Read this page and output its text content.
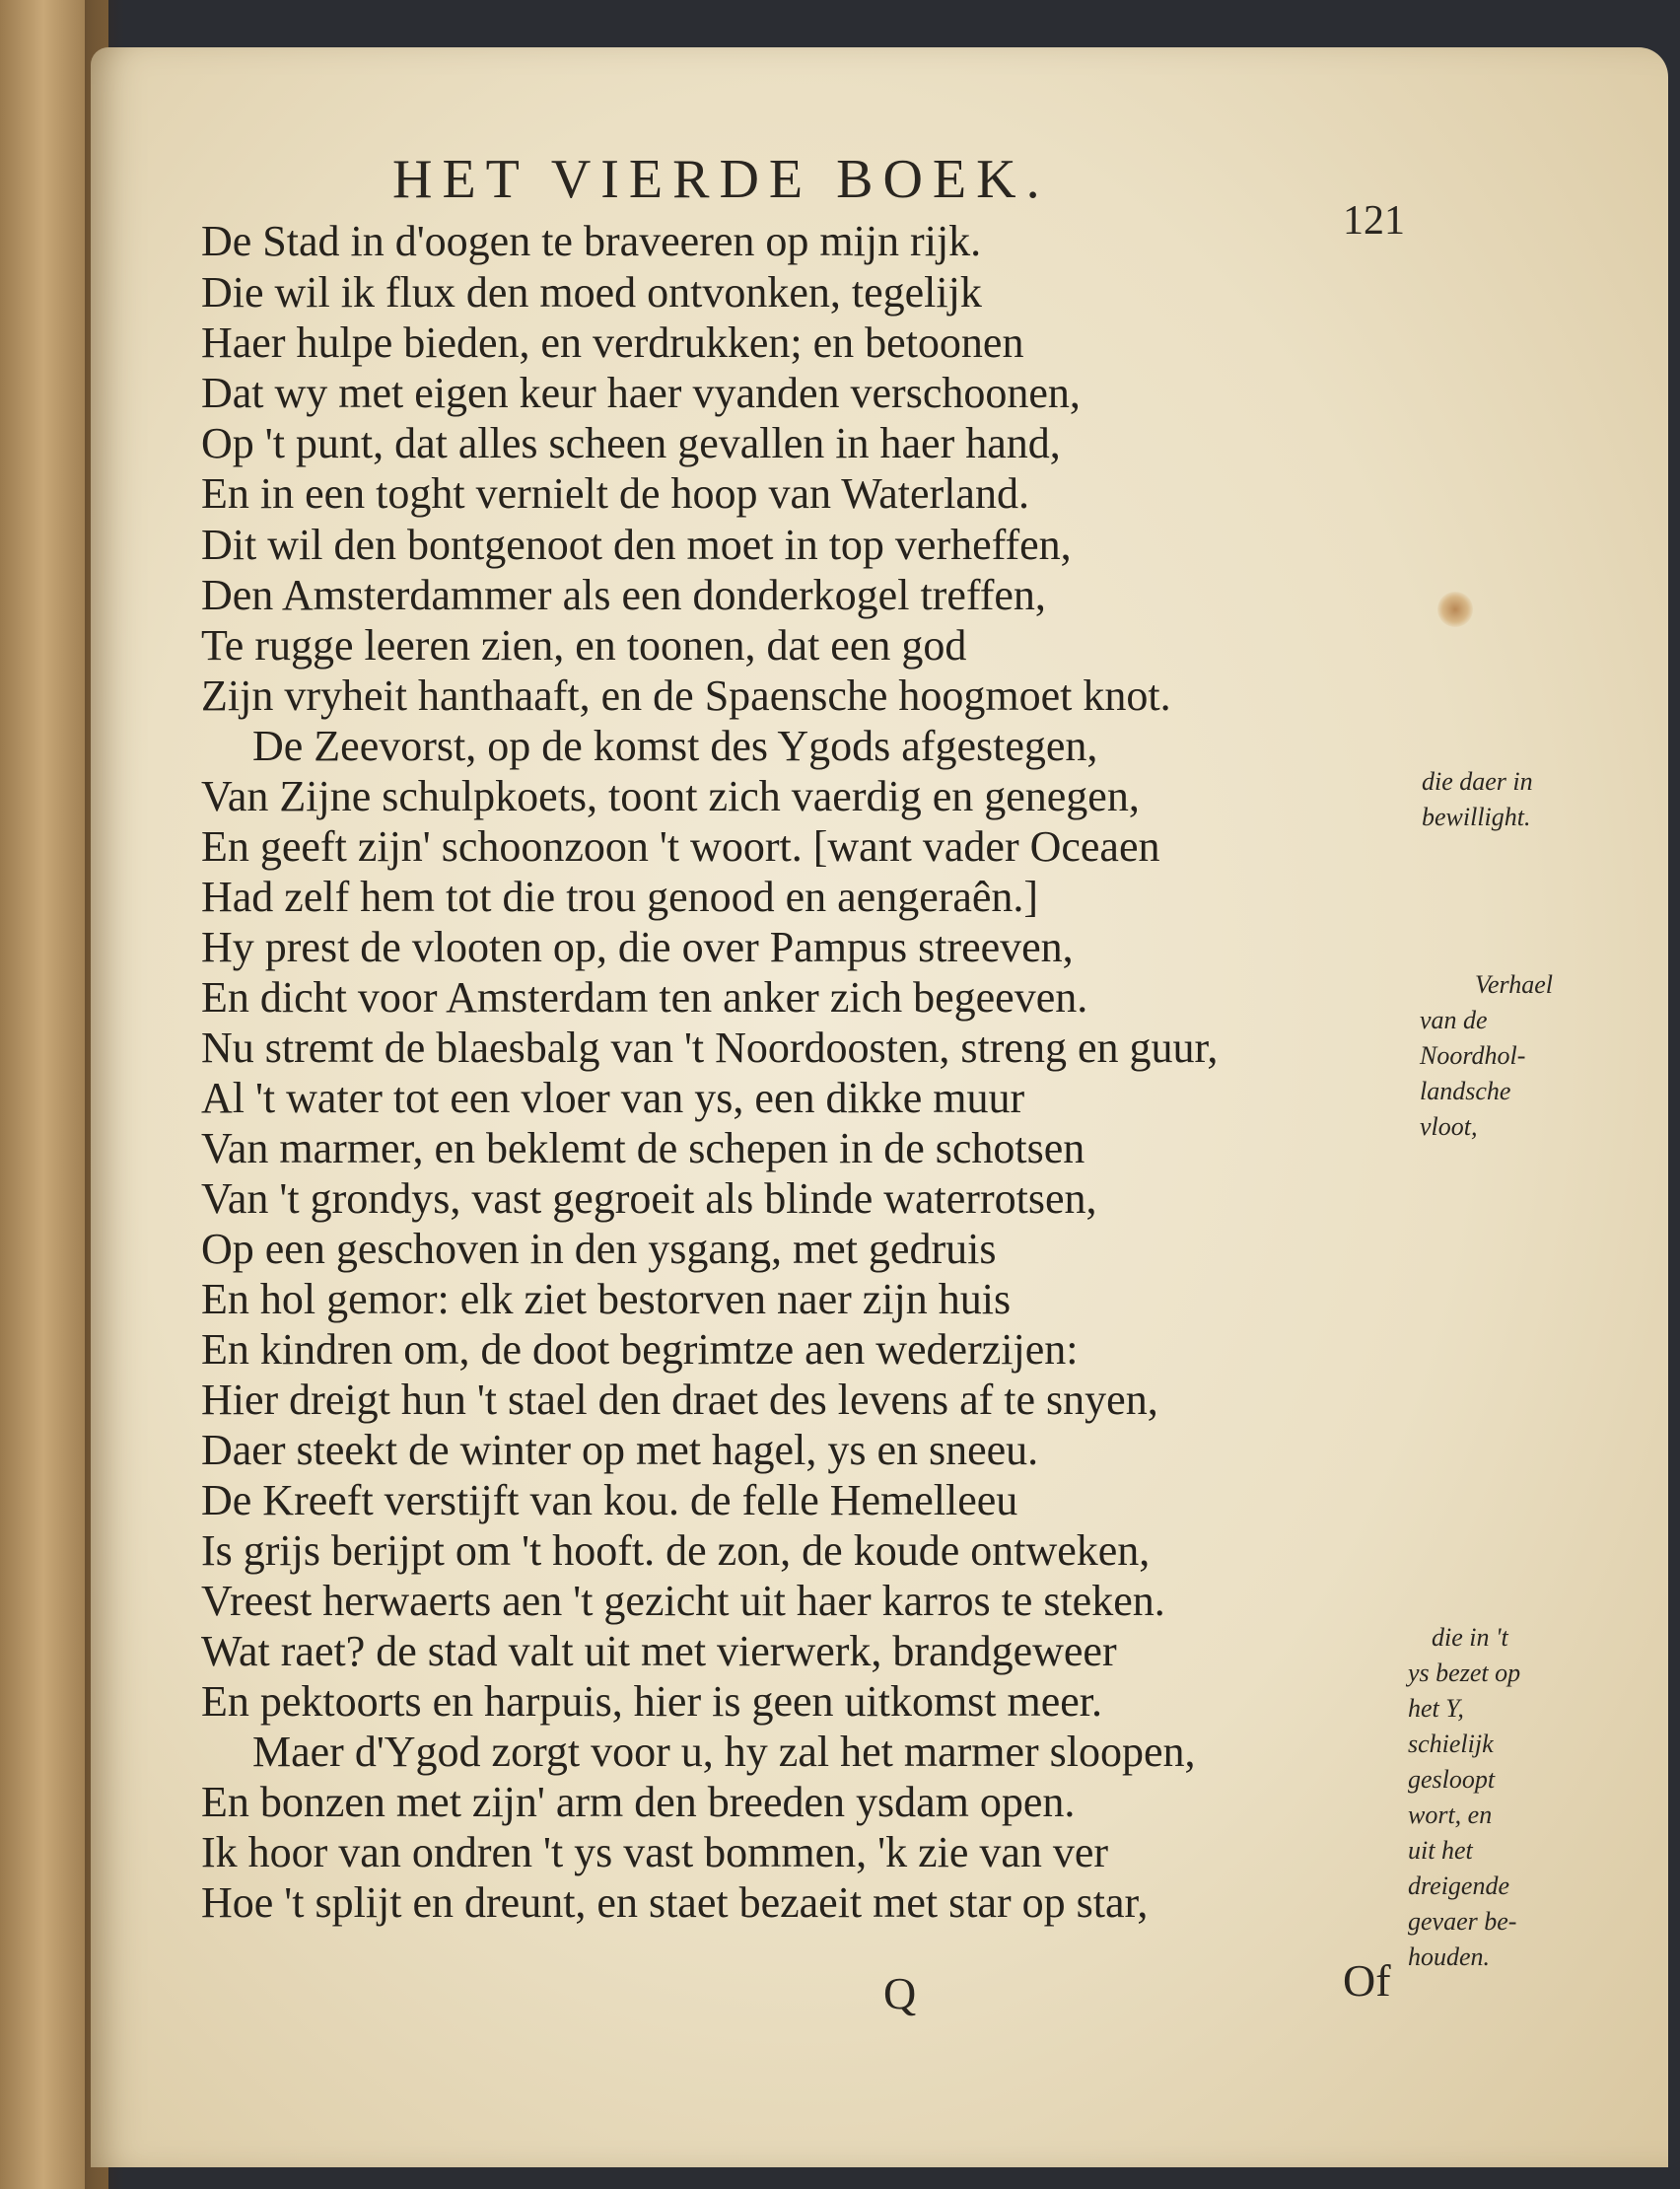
HET VIERDE BOEK.
121
De Stad in d'oogen te braveeren op mijn rijk.
Die wil ik flux den moed ontvonken, tegelijk
Haer hulpe bieden, en verdrukken; en betoonen
Dat wy met eigen keur haer vyanden verschoonen,
Op 't punt, dat alles scheen gevallen in haer hand,
En in een toght vernielt de hoop van Waterland.
Dit wil den bontgenoot den moet in top verheffen,
Den Amsterdammer als een donderkogel treffen,
Te rugge leeren zien, en toonen, dat een god
Zijn vryheit hanthaaft, en de Spaensche hoogmoet knot.
De Zeevorst, op de komst des Ygods afgestegen,
Van Zijne schulpkoets, toont zich vaerdig en genegen,
En geeft zijn' schoonzoon 't woort. [want vader Oceaen
Had zelf hem tot die trou genood en aengeraên.]
Hy prest de vlooten op, die over Pampus streeven,
En dicht voor Amsterdam ten anker zich begeeven.
Nu stremt de blaesbalg van 't Noordoosten, streng en guur,
Al 't water tot een vloer van ys, een dikke muur
Van marmer, en beklemt de schepen in de schotsen
Van 't grondys, vast gegroeit als blinde waterrotsen,
Op een geschoven in den ysgang, met gedruis
En hol gemor: elk ziet bestorven naer zijn huis
En kindren om, de doot begrimtze aen wederzijen:
Hier dreigt hun 't stael den draet des levens af te snyen,
Daer steekt de winter op met hagel, ys en sneeu.
De Kreeft verstijft van kou. de felle Hemelleeu
Is grijs berijpt om 't hooft. de zon, de koude ontweken,
Vreest herwaerts aen 't gezicht uit haer karros te steken.
Wat raet? de stad valt uit met vierwerk, brandgeweer
En pektoorts en harpuis, hier is geen uitkomst meer.
Maer d'Ygod zorgt voor u, hy zal het marmer sloopen,
En bonzen met zijn' arm den breeden ysdam open.
Ik hoor van ondren 't ys vast bommen, 'k zie van ver
Hoe 't splijt en dreunt, en staet bezaeit met star op star,
die daer in
bewillight.
Verhael
van de
Noordhol-
landsche
vloot,
die in 't
ys bezet op
het Y,
schielijk
gesloopt
wort, en
uit het
dreigende
gevaer be-
houden.
Q	Of
